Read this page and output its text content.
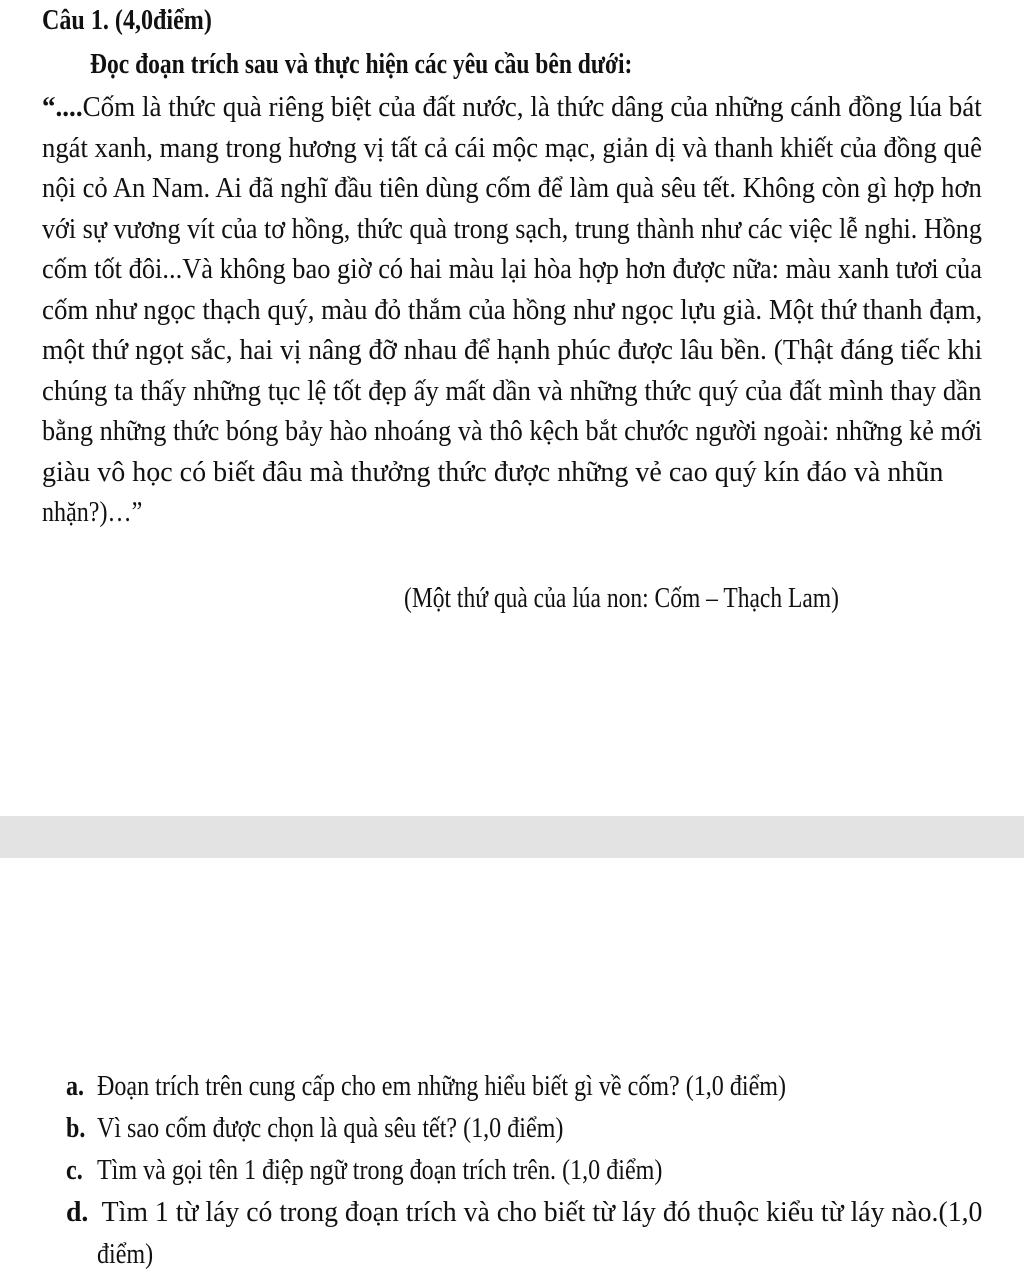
Câu 1. (4,0điểm)
Đọc đoạn trích sau và thực hiện các yêu cầu bên dưới:
“....Cốm là thức quà riêng biệt của đất nước, là thức dâng của những cánh đồng lúa bát
ngát xanh, mang trong hương vị tất cả cái mộc mạc, giản dị và thanh khiết của đồng quê
nội cỏ An Nam. Ai đã nghĩ đầu tiên dùng cốm để làm quà sêu tết. Không còn gì hợp hơn
với sự vương vít của tơ hồng, thức quà trong sạch, trung thành như các việc lễ nghi. Hồng
cốm tốt đôi...Và không bao giờ có hai màu lại hòa hợp hơn được nữa: màu xanh tươi của
cốm như ngọc thạch quý, màu đỏ thắm của hồng như ngọc lựu già. Một thứ thanh đạm,
một thứ ngọt sắc, hai vị nâng đỡ nhau để hạnh phúc được lâu bền. (Thật đáng tiếc khi
chúng ta thấy những tục lệ tốt đẹp ấy mất dần và những thức quý của đất mình thay dần
bằng những thức bóng bảy hào nhoáng và thô kệch bắt chước người ngoài: những kẻ mới
giàu vô học có biết đâu mà thưởng thức được những vẻ cao quý kín đáo và nhũn
nhặn?)…”
(Một thứ quà của lúa non: Cốm – Thạch Lam)
a. Đoạn trích trên cung cấp cho em những hiểu biết gì về cốm? (1,0 điểm)
b. Vì sao cốm được chọn là quà sêu tết? (1,0 điểm)
c. Tìm và gọi tên 1 điệp ngữ trong đoạn trích trên. (1,0 điểm)
d. Tìm 1 từ láy có trong đoạn trích và cho biết từ láy đó thuộc kiểu từ láy nào.(1,0
điểm)
